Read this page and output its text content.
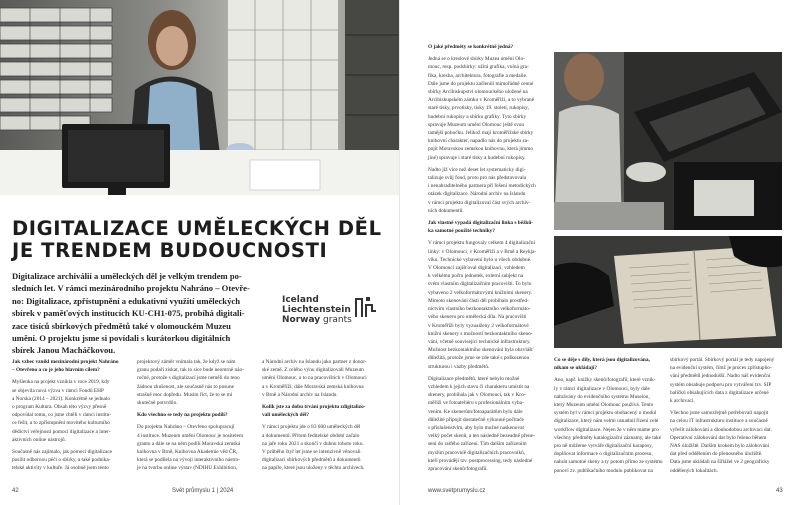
DIGITALIZACE UMĚLECKÝCH DĚL
JE TRENDEM BUDOUCNOSTI
Digitalizace archiválií a uměleckých děl je velkým trendem po-
sledních let. V rámci mezinárodního projektu Nahráno – Otevře-
no: Digitalizace, zpřístupnění a edukativní využití uměleckých
sbírek v paměťových institucích KU-CH1-075, probíhá digitali-
zace tisíců sbírkových předmětů také v olomouckém Muzeu
umění. O projektu jsme si povídali s kurátorkou digitálních
sbírek Janou Macháčkovou.
Iceland
Liechtenstein
Norway grants
Jak vzbec vznikl mezinárodní projekt Nahráno
– Otevřeno a co je jeho hlavním cílem?
Myšlenka na projekt vznikla v roce 2019, kdy
se objevila nová výzva v rámci Fondů EHP
a Norska (2014 – 2021). Konkrétně se jednalo
o program Kultura. Obsah této výzvy přesně
odpovídal tomu, co jsme chtěli v rámci institu-
ce řešit, a to zpřístupnění movitého kulturního
dědictví veřejnosti pomocí digitalizace a inter-
aktivních online nástrojů.
Současně nás zajímalo, jak pomocí digitalizace
posílit odbornou péči o sbírky, a také podnika-
telské aktivity v kultuře. Já osobně jsem tento
projektový záměr vnímala tak, že když se nám
granu podaří získat, tak to sice bude neomrně náo-
ročné, protože s digitalizací jsme neměli do teno
žádnou zkušenost, ale současně nás to posune
strašně moc dopředu. Musím říct, že to se mi
skutečně potvrdilo.
Kdo všechno se tedy na projektu podílí?
Do projektu Nahráno – Otevřeno spolupracují
4 instituce. Muzeum umění Olomouc je nositelem
grantu a dále se na něm podílí Moravská zemská
knihovna v Brně, Knihovna Akademie věd ČR,
která se podílela na vývoji interaktivního nástro-
je na tvorbu online výstav (NDIHU Exhibition,
a Národní archiv na Islandu jako partner z donor-
ské země. Z celého výnu digitalizovali Muzeum
umění Olomouc, a to na pracovištích v Olomouci
a v Kroměříži, dále Moravská zemská knihovna
v Brně a Národní archiv na Islandu.
Kolik jste za dobu trvání projektu zdigitalizo-
vali uměleckých děl?
V rámci projektu jde o 83 600 uměleckých děl
a dokumentů. Přitom feditelské období začalo
na jaře roku 2021 a skončí v dubnu tohoto roku.
V průběhu čtyř let jsme se intenzivně věnovali
digitalizaci sbírkových předmětů a dokumentů
na papíře, které jsou uloženy v těchto archivech.
42	Svět průmyslu 1 | 2024
O jaké předměty se konkrétně jedná?
Jedná se o kreslové sbírky Muzea umění Olo-
mouc, resp. podsbírky: užitá grafika, volná gra-
fika, kresba, architektura, fotografie a medaile.
Dále jsme do projektu začlenili mimořádně cenné
sbírky Arcibiskupství olomouckého uložené na
Arcibiskupském zámku v Kroměříži, a to vybrané
staré tisky, prvotisky, tisky 19. století, rukopisy,
hudební rukopisy a sbírku grafiky. Tyto sbírky
spravuje Muzeum umění Olomouc ještě svou
tamější pobočku. Jelikož mají kroměřížské sbírky
knihovní charakter, napadlo nás do projektu za-
pojit Moravskou zemskou knihovnu, která jimmo
jiné) spravuje i staré tisky a hudební rukopisy.
Nadto již více než deset let systematicky digi-
talizuje svůj fond, proto pro nás představovala
i nenahraditelného partnera při řešení metodických
otázek digitalizace. Národní archiv na Islandu
v rámci projektu digitalizoval část svých archiv-
ních dokumentů.
Jak vlastně vypadá digitalizační linka s běžků-
ka samotné použité techniky?
V rámci projektu fungovaly celkem 4 digitalizační
linky: v Olomouci, v Kroměříži a v Brně a Reykja-
víku. Technické vybavení bylo u všech obdobné.
V Olomouci zajišťoval digitalizaci, vzhledem
k velkému počtu jednotek, externí subjekt na
svém vlastním digitalizačním pracovišti. To bylo
vybaveno 2 velkoformátovými knižními skenery.
Mimoto skenování části děl probíhalo prostřed-
nictvím vlastního bezkontaktního velkoformáto-
vého skeneru pro umělecká díla. Na pracovišti
v Kroměříži byly vyzuaiženy 2 velkoformátové
knižní skenery s možností bezkontaktního skeno-
vání, včetně související technické infrastruktury.
Možnost bezkontaktního skenování byla obzvlášť
důležitá, protože jsme se zde také s poškozenou
strukturou i vazby předmětů.
Digitalizace předmětů, které nebylo možné
vzhledem k jejich stavu či charakteru umístit na
skenery, probíhala jak v Olomouci, tak v Kro-
měříži ve fotoateliéru s profesionálním vyba-
vením. Ke skenerům/fotoaparátům bylo dále
důležité připojit dostatečně výkonné počítače
s příslušenstvím, aby bylo možné naskenovat
velký počet skenů, a ten následně bezeadně přene-
sení do raifého zařízení. Tím dalším zařízením
myslím pracovníě digitalizačních pracovníků,
kteří provádějí tzv. postprocessing, tedy následné
zpracování skenů/fotografií.
Co se děje s díly, která jsou digitalizována,
nikam se ukládají?
Ano, např. knižky skenů/fotografií, které vznik-
ly v rámci digitalizace v Olomouci, byly dále
nahrávány do evidenčního systému Museion,
který Muzeum umění Olomouc používá. Tento
systém byl v rámci projektu obohacený o modul
digitalizace, který nám velmi usnadnil řízení celé
workflow digitalizace. Nejen že v něm máme pro
všechny předměty katalogizační záznamy, ale také
pro ně můžeme vytváře digitalizační karaposy,
doplňovat informace o digitalizačním procesu,
nahrát samotné skeny a ty potom přímo ze systému
ponoví zv. publikačního modulu publikovat na
sbírkový portál. Sbírkový portál je tedy napojený
na evidenční systém, čímž je proces zpřístupňo-
vání předmětů jednodušší. Nadto náš evidenční
systém obsahuje podporu pro vytváření tzv. SIP
balíčků obsahujících data z digitalizace určené
k archivaci.
Všechno jsme samozřejmě potřebovali napojit
na celou IT infrastrukturu instituce a současně
vyřešit zálohování a dlouhodobou archivaci dat.
Operativní zálohování dat bylo řešeno během
NAS úložiště. Dalším krokem bylo zálohování
dat před oddělením do přenosného úložiště.
Data jsme ukládali na šířlážel ve 2 geograficky
oddělených lokalitách.
www.svetprumyslu.cz	43
